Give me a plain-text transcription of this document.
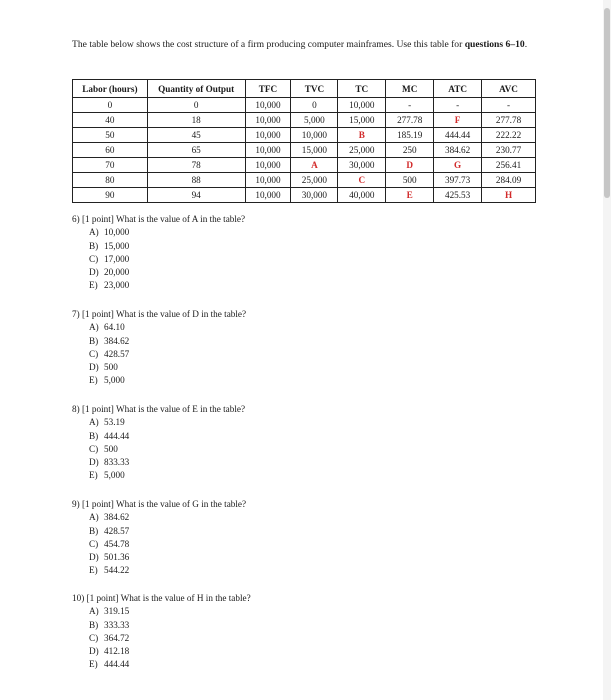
The table below shows the cost structure of a firm producing computer mainframes. Use this table for questions 6–10.

Labor (hours)	Quantity of Output	TFC	TVC	TC	MC	ATC	AVC
0	0	10,000	0	10,000	-	-	-
40	18	10,000	5,000	15,000	277.78	F	277.78
50	45	10,000	10,000	B	185.19	444.44	222.22
60	65	10,000	15,000	25,000	250	384.62	230.77
70	78	10,000	A	30,000	D	G	256.41
80	88	10,000	25,000	C	500	397.73	284.09
90	94	10,000	30,000	40,000	E	425.53	H

6) [1 point] What is the value of A in the table?

A) 10,000
B) 15,000
C) 17,000
D) 20,000
E) 23,000

7) [1 point] What is the value of D in the table?

A) 64.10
B) 384.62
C) 428.57
D) 500
E) 5,000

8) [1 point] What is the value of E in the table?

A) 53.19
B) 444.44
C) 500
D) 833.33
E) 5,000

9) [1 point] What is the value of G in the table?

A) 384.62
B) 428.57
C) 454.78
D) 501.36
E) 544.22

10) [1 point] What is the value of H in the table?

A) 319.15
B) 333.33
C) 364.72
D) 412.18
E) 444.44
